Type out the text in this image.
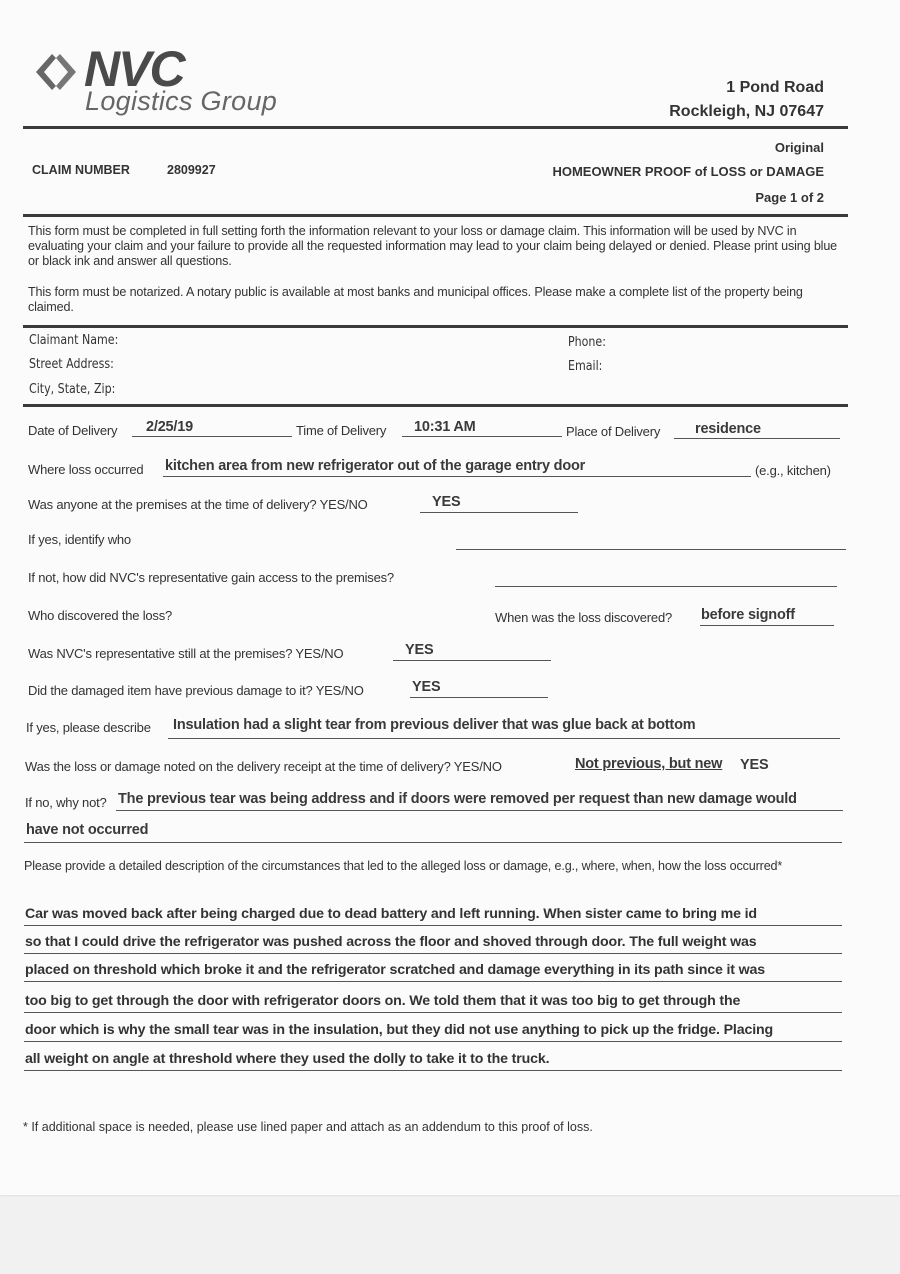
NVC
Logistics Group	1 Pond Road
Rockleigh, NJ 07647
CLAIM NUMBER	2809927
Original
HOMEOWNER PROOF of LOSS or DAMAGE
Page 1 of 2
This form must be completed in full setting forth the information relevant to your loss or damage claim. This information will be used by NVC in evaluating your claim and your failure to provide all the requested information may lead to your claim being delayed or denied. Please print using blue or black ink and answer all questions.
This form must be notarized. A notary public is available at most banks and municipal offices. Please make a complete list of the property being claimed.
Claimant Name:
Street Address:
City, State, Zip:
Phone:
Email:
Date of Delivery 2/25/19	Time of Delivery 10:31 AM	Place of Delivery residence
Where loss occurred kitchen area from new refrigerator out of the garage entry door	(e.g., kitchen)
Was anyone at the premises at the time of delivery? YES/NO	YES
If yes, identify who
If not, how did NVC's representative gain access to the premises?
Who discovered the loss?	When was the loss discovered? before signoff
Was NVC's representative still at the premises? YES/NO	YES
Did the damaged item have previous damage to it? YES/NO	YES
If yes, please describe Insulation had a slight tear from previous deliver that was glue back at bottom
Was the loss or damage noted on the delivery receipt at the time of delivery? YES/NO	Not previous, but new YES
If no, why not? The previous tear was being address and if doors were removed per request than new damage would
have not occurred
Please provide a detailed description of the circumstances that led to the alleged loss or damage, e.g., where, when, how the loss occurred*
Car was moved back after being charged due to dead battery and left running. When sister came to bring me id
so that I could drive the refrigerator was pushed across the floor and shoved through door. The full weight was
placed on threshold which broke it and the refrigerator scratched and damage everything in its path since it was
too big to get through the door with refrigerator doors on. We told them that it was too big to get through the
door which is why the small tear was in the insulation, but they did not use anything to pick up the fridge. Placing
all weight on angle at threshold where they used the dolly to take it to the truck.
* If additional space is needed, please use lined paper and attach as an addendum to this proof of loss.
